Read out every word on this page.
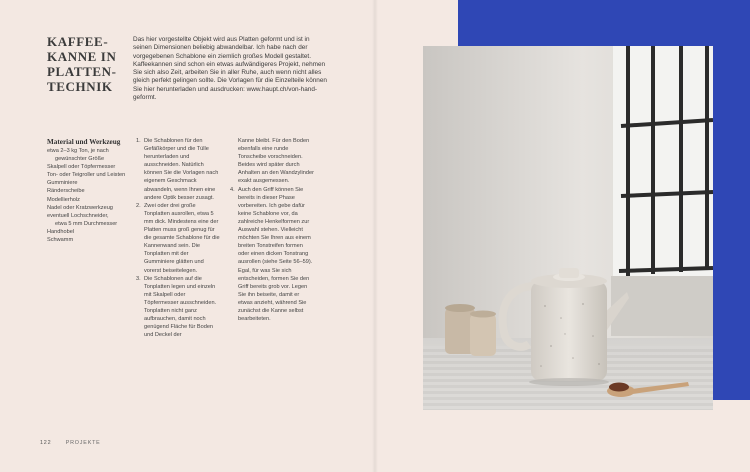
KAFFEE-
KANNE IN
PLATTEN-
TECHNIK

Das hier vorgestellte Objekt wird aus Platten geformt und ist in seinen Dimensionen beliebig abwandelbar. Ich habe nach der vorgegebenen Schablone ein ziemlich großes Modell gestaltet. Kaffeekannen sind schon ein etwas aufwändigeres Projekt, nehmen Sie sich also Zeit, arbeiten Sie in aller Ruhe, auch wenn nicht alles gleich perfekt gelingen sollte. Die Vorlagen für die Einzelteile können Sie hier herunterladen und ausdrucken: www.haupt.ch/von-hand-geformt.

Material und Werkzeug
etwa 2–3 kg Ton, je nach
gewünschter Größe
Skalpell oder Töpfermesser
Ton- oder Teigroller und Leisten
Gumminiere
Ränderscheibe
Modellierholz
Nadel oder Kratzwerkzeug
eventuell Lochschneider,
etwa 5 mm Durchmesser
Handhobel
Schwamm
1. Die Schablonen für den Gefäßkörper und die Tülle herunterladen und ausschneiden. Natürlich können Sie die Vorlagen nach eigenem Geschmack abwandeln, wenn Ihnen eine andere Optik besser zusagt.
2. Zwei oder drei große Tonplatten ausrollen, etwa 5 mm dick. Mindestens eine der Platten muss groß genug für die gesamte Schablone für die Kannenwand sein. Die Tonplatten mit der Gumminiere glätten und vorerst beiseitelegen.
3. Die Schablonen auf die Tonplatten legen und einzeln mit Skalpell oder Töpfermesser ausschneiden. Tonplatten nicht ganz aufbrauchen, damit noch genügend Fläche für Boden und Deckel der
Kanne bleibt. Für den Boden ebenfalls eine runde Tonscheibe vorschneiden. Beides wird später durch Anhalten an den Wandzylinder exakt ausgemessen.
4. Auch den Griff können Sie bereits in dieser Phase vorbereiten. Ich gebe dafür keine Schablone vor, da zahlreiche Henkelformen zur Auswahl stehen. Vielleicht möchten Sie Ihren aus einem breiten Tonstreifen formen oder einen dicken Tonstrang ausrollen (siehe Seite 56–59). Egal, für was Sie sich entscheiden, formen Sie den Griff bereits grob vor. Legen Sie ihn beiseite, damit er etwas anzieht, während Sie zunächst die Kanne selbst bearbeiteten.
122	PROJEKTE
